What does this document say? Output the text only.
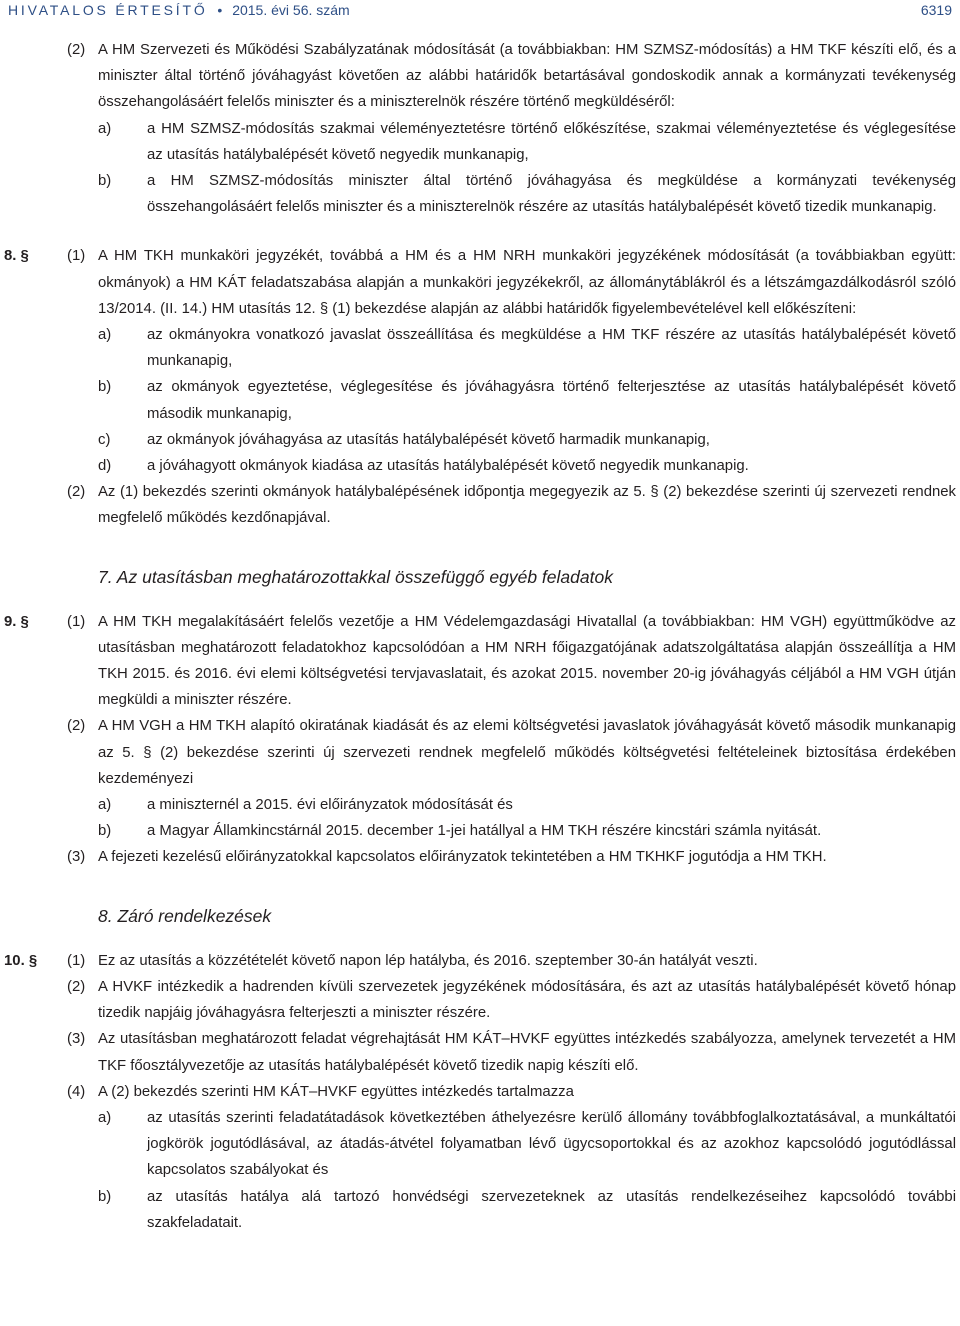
HIVATALOS ÉRTESÍTŐ • 2015. évi 56. szám	6319
(2) A HM Szervezeti és Működési Szabályzatának módosítását (a továbbiakban: HM SZMSZ-módosítás) a HM TKF készíti elő, és a miniszter által történő jóváhagyást követően az alábbi határidők betartásával gondoskodik annak a kormányzati tevékenység összehangolásáért felelős miniszter és a miniszterelnök részére történő megküldéséről:
a) a HM SZMSZ-módosítás szakmai véleményeztetésre történő előkészítése, szakmai véleményeztetése és véglegesítése az utasítás hatálybalépését követő negyedik munkanapig,
b) a HM SZMSZ-módosítás miniszter által történő jóváhagyása és megküldése a kormányzati tevékenység összehangolásáért felelős miniszter és a miniszterelnök részére az utasítás hatálybalépését követő tizedik munkanapig.
8. §	(1) A HM TKH munkaköri jegyzékét, továbbá a HM és a HM NRH munkaköri jegyzékének módosítását (a továbbiakban együtt: okmányok) a HM KÁT feladatszabása alapján a munkaköri jegyzékekről, az állománytáblákról és a létszámgazdálkodásról szóló 13/2014. (II. 14.) HM utasítás 12. § (1) bekezdése alapján az alábbi határidők figyelembevételével kell előkészíteni:
a) az okmányokra vonatkozó javaslat összeállítása és megküldése a HM TKF részére az utasítás hatálybalépését követő munkanapig,
b) az okmányok egyeztetése, véglegesítése és jóváhagyásra történő felterjesztése az utasítás hatálybalépését követő második munkanapig,
c) az okmányok jóváhagyása az utasítás hatálybalépését követő harmadik munkanapig,
d) a jóváhagyott okmányok kiadása az utasítás hatálybalépését követő negyedik munkanapig.
(2) Az (1) bekezdés szerinti okmányok hatálybalépésének időpontja megegyezik az 5. § (2) bekezdése szerinti új szervezeti rendnek megfelelő működés kezdőnapjával.
7. Az utasításban meghatározottakkal összefüggő egyéb feladatok
9. §	(1) A HM TKH megalakításáért felelős vezetője a HM Védelemgazdasági Hivatallal (a továbbiakban: HM VGH) együttműködve az utasításban meghatározott feladatokhoz kapcsolódóan a HM NRH főigazgatójának adatszolgáltatása alapján összeállítja a HM TKH 2015. és 2016. évi elemi költségvetési tervjavaslatait, és azokat 2015. november 20-ig jóváhagyás céljából a HM VGH útján megküldi a miniszter részére.
(2) A HM VGH a HM TKH alapító okiratának kiadását és az elemi költségvetési javaslatok jóváhagyását követő második munkanapig az 5. § (2) bekezdése szerinti új szervezeti rendnek megfelelő működés költségvetési feltételeinek biztosítása érdekében kezdeményezi
a) a miniszternél a 2015. évi előirányzatok módosítását és
b) a Magyar Államkincstárnál 2015. december 1-jei hatállyal a HM TKH részére kincstári számla nyitását.
(3) A fejezeti kezelésű előirányzatokkal kapcsolatos előirányzatok tekintetében a HM TKHKF jogutódja a HM TKH.
8. Záró rendelkezések
10. § (1) Ez az utasítás a közzétételét követő napon lép hatályba, és 2016. szeptember 30-án hatályát veszti.
(2) A HVKF intézkedik a hadrenden kívüli szervezetek jegyzékének módosítására, és azt az utasítás hatálybalépését követő hónap tizedik napjáig jóváhagyásra felterjeszti a miniszter részére.
(3) Az utasításban meghatározott feladat végrehajtását HM KÁT–HVKF együttes intézkedés szabályozza, amelynek tervezetét a HM TKF főosztályvezetője az utasítás hatálybalépését követő tizedik napig készíti elő.
(4) A (2) bekezdés szerinti HM KÁT–HVKF együttes intézkedés tartalmazza
a) az utasítás szerinti feladatátadások következtében áthelyezésre kerülő állomány továbbfoglalkoztatásával, a munkáltatói jogkörök jogutódlásával, az átadás-átvétel folyamatban lévő ügycsoportokkal és az azokhoz kapcsolódó jogutódlással kapcsolatos szabályokat és
b) az utasítás hatálya alá tartozó honvédségi szervezeteknek az utasítás rendelkezéseihez kapcsolódó további szakfeladatait.
